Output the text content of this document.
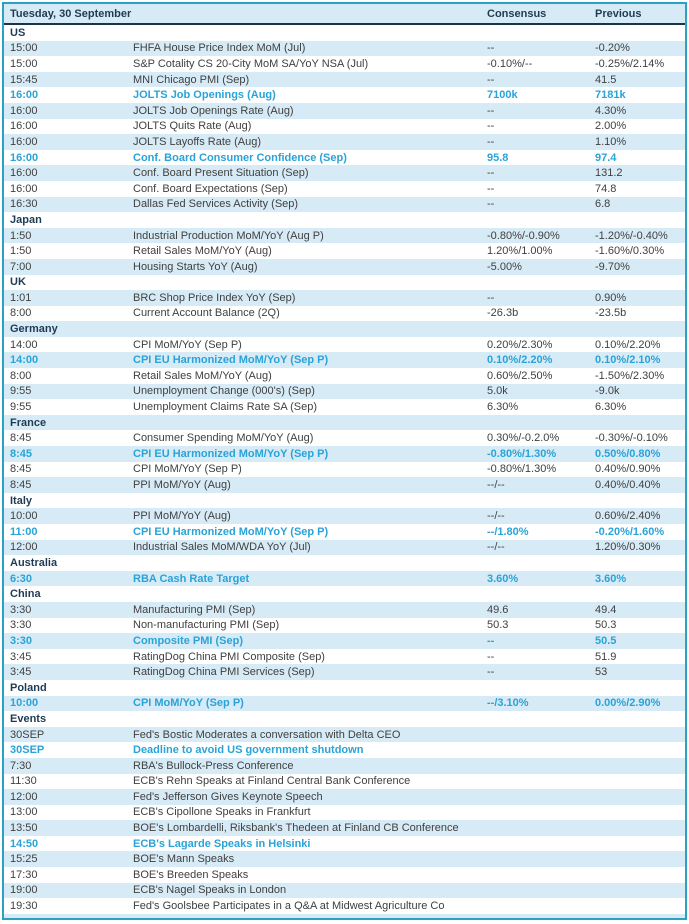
Tuesday, 30 September	Consensus	Previous
US
15:00	FHFA House Price Index MoM (Jul)	--	-0.20%
15:00	S&P Cotality CS 20-City MoM SA/YoY NSA (Jul)	-0.10%/--	-0.25%/2.14%
15:45	MNI Chicago PMI (Sep)	--	41.5
16:00	JOLTS Job Openings (Aug)	7100k	7181k
16:00	JOLTS Job Openings Rate (Aug)	--	4.30%
16:00	JOLTS Quits Rate (Aug)	--	2.00%
16:00	JOLTS Layoffs Rate (Aug)	--	1.10%
16:00	Conf. Board Consumer Confidence (Sep)	95.8	97.4
16:00	Conf. Board Present Situation (Sep)	--	131.2
16:00	Conf. Board Expectations (Sep)	--	74.8
16:30	Dallas Fed Services Activity (Sep)	--	6.8
Japan
1:50	Industrial Production MoM/YoY (Aug P)	-0.80%/-0.90%	-1.20%/-0.40%
1:50	Retail Sales MoM/YoY (Aug)	1.20%/1.00%	-1.60%/0.30%
7:00	Housing Starts YoY (Aug)	-5.00%	-9.70%
UK
1:01	BRC Shop Price Index YoY (Sep)	--	0.90%
8:00	Current Account Balance (2Q)	-26.3b	-23.5b
Germany
14:00	CPI MoM/YoY (Sep P)	0.20%/2.30%	0.10%/2.20%
14:00	CPI EU Harmonized MoM/YoY (Sep P)	0.10%/2.20%	0.10%/2.10%
8:00	Retail Sales MoM/YoY (Aug)	0.60%/2.50%	-1.50%/2.30%
9:55	Unemployment Change (000's) (Sep)	5.0k	-9.0k
9:55	Unemployment Claims Rate SA (Sep)	6.30%	6.30%
France
8:45	Consumer Spending MoM/YoY (Aug)	0.30%/-0.2.0%	-0.30%/-0.10%
8:45	CPI EU Harmonized MoM/YoY (Sep P)	-0.80%/1.30%	0.50%/0.80%
8:45	CPI MoM/YoY (Sep P)	-0.80%/1.30%	0.40%/0.90%
8:45	PPI MoM/YoY (Aug)	--/--	0.40%/0.40%
Italy
10:00	PPI MoM/YoY (Aug)	--/--	0.60%/2.40%
11:00	CPI EU Harmonized MoM/YoY (Sep P)	--/1.80%	-0.20%/1.60%
12:00	Industrial Sales MoM/WDA YoY (Jul)	--/--	1.20%/0.30%
Australia
6:30	RBA Cash Rate Target	3.60%	3.60%
China
3:30	Manufacturing PMI (Sep)	49.6	49.4
3:30	Non-manufacturing PMI (Sep)	50.3	50.3
3:30	Composite PMI (Sep)	--	50.5
3:45	RatingDog China PMI Composite (Sep)	--	51.9
3:45	RatingDog China PMI Services (Sep)	--	53
Poland
10:00	CPI MoM/YoY (Sep P)	--/3.10%	0.00%/2.90%
Events
30SEP	Fed's Bostic Moderates a conversation with Delta CEO
30SEP	Deadline to avoid US government shutdown
7:30	RBA's Bullock-Press Conference
11:30	ECB's Rehn Speaks at Finland Central Bank Conference
12:00	Fed's Jefferson Gives Keynote Speech
13:00	ECB's Cipollone Speaks in Frankfurt
13:50	BOE's Lombardelli, Riksbank's Thedeen at Finland CB Conference
14:50	ECB's Lagarde Speaks in Helsinki
15:25	BOE's Mann Speaks
17:30	BOE's Breeden Speaks
19:00	ECB's Nagel Speaks in London
19:30	Fed's Goolsbee Participates in a Q&A at Midwest Agriculture Co
